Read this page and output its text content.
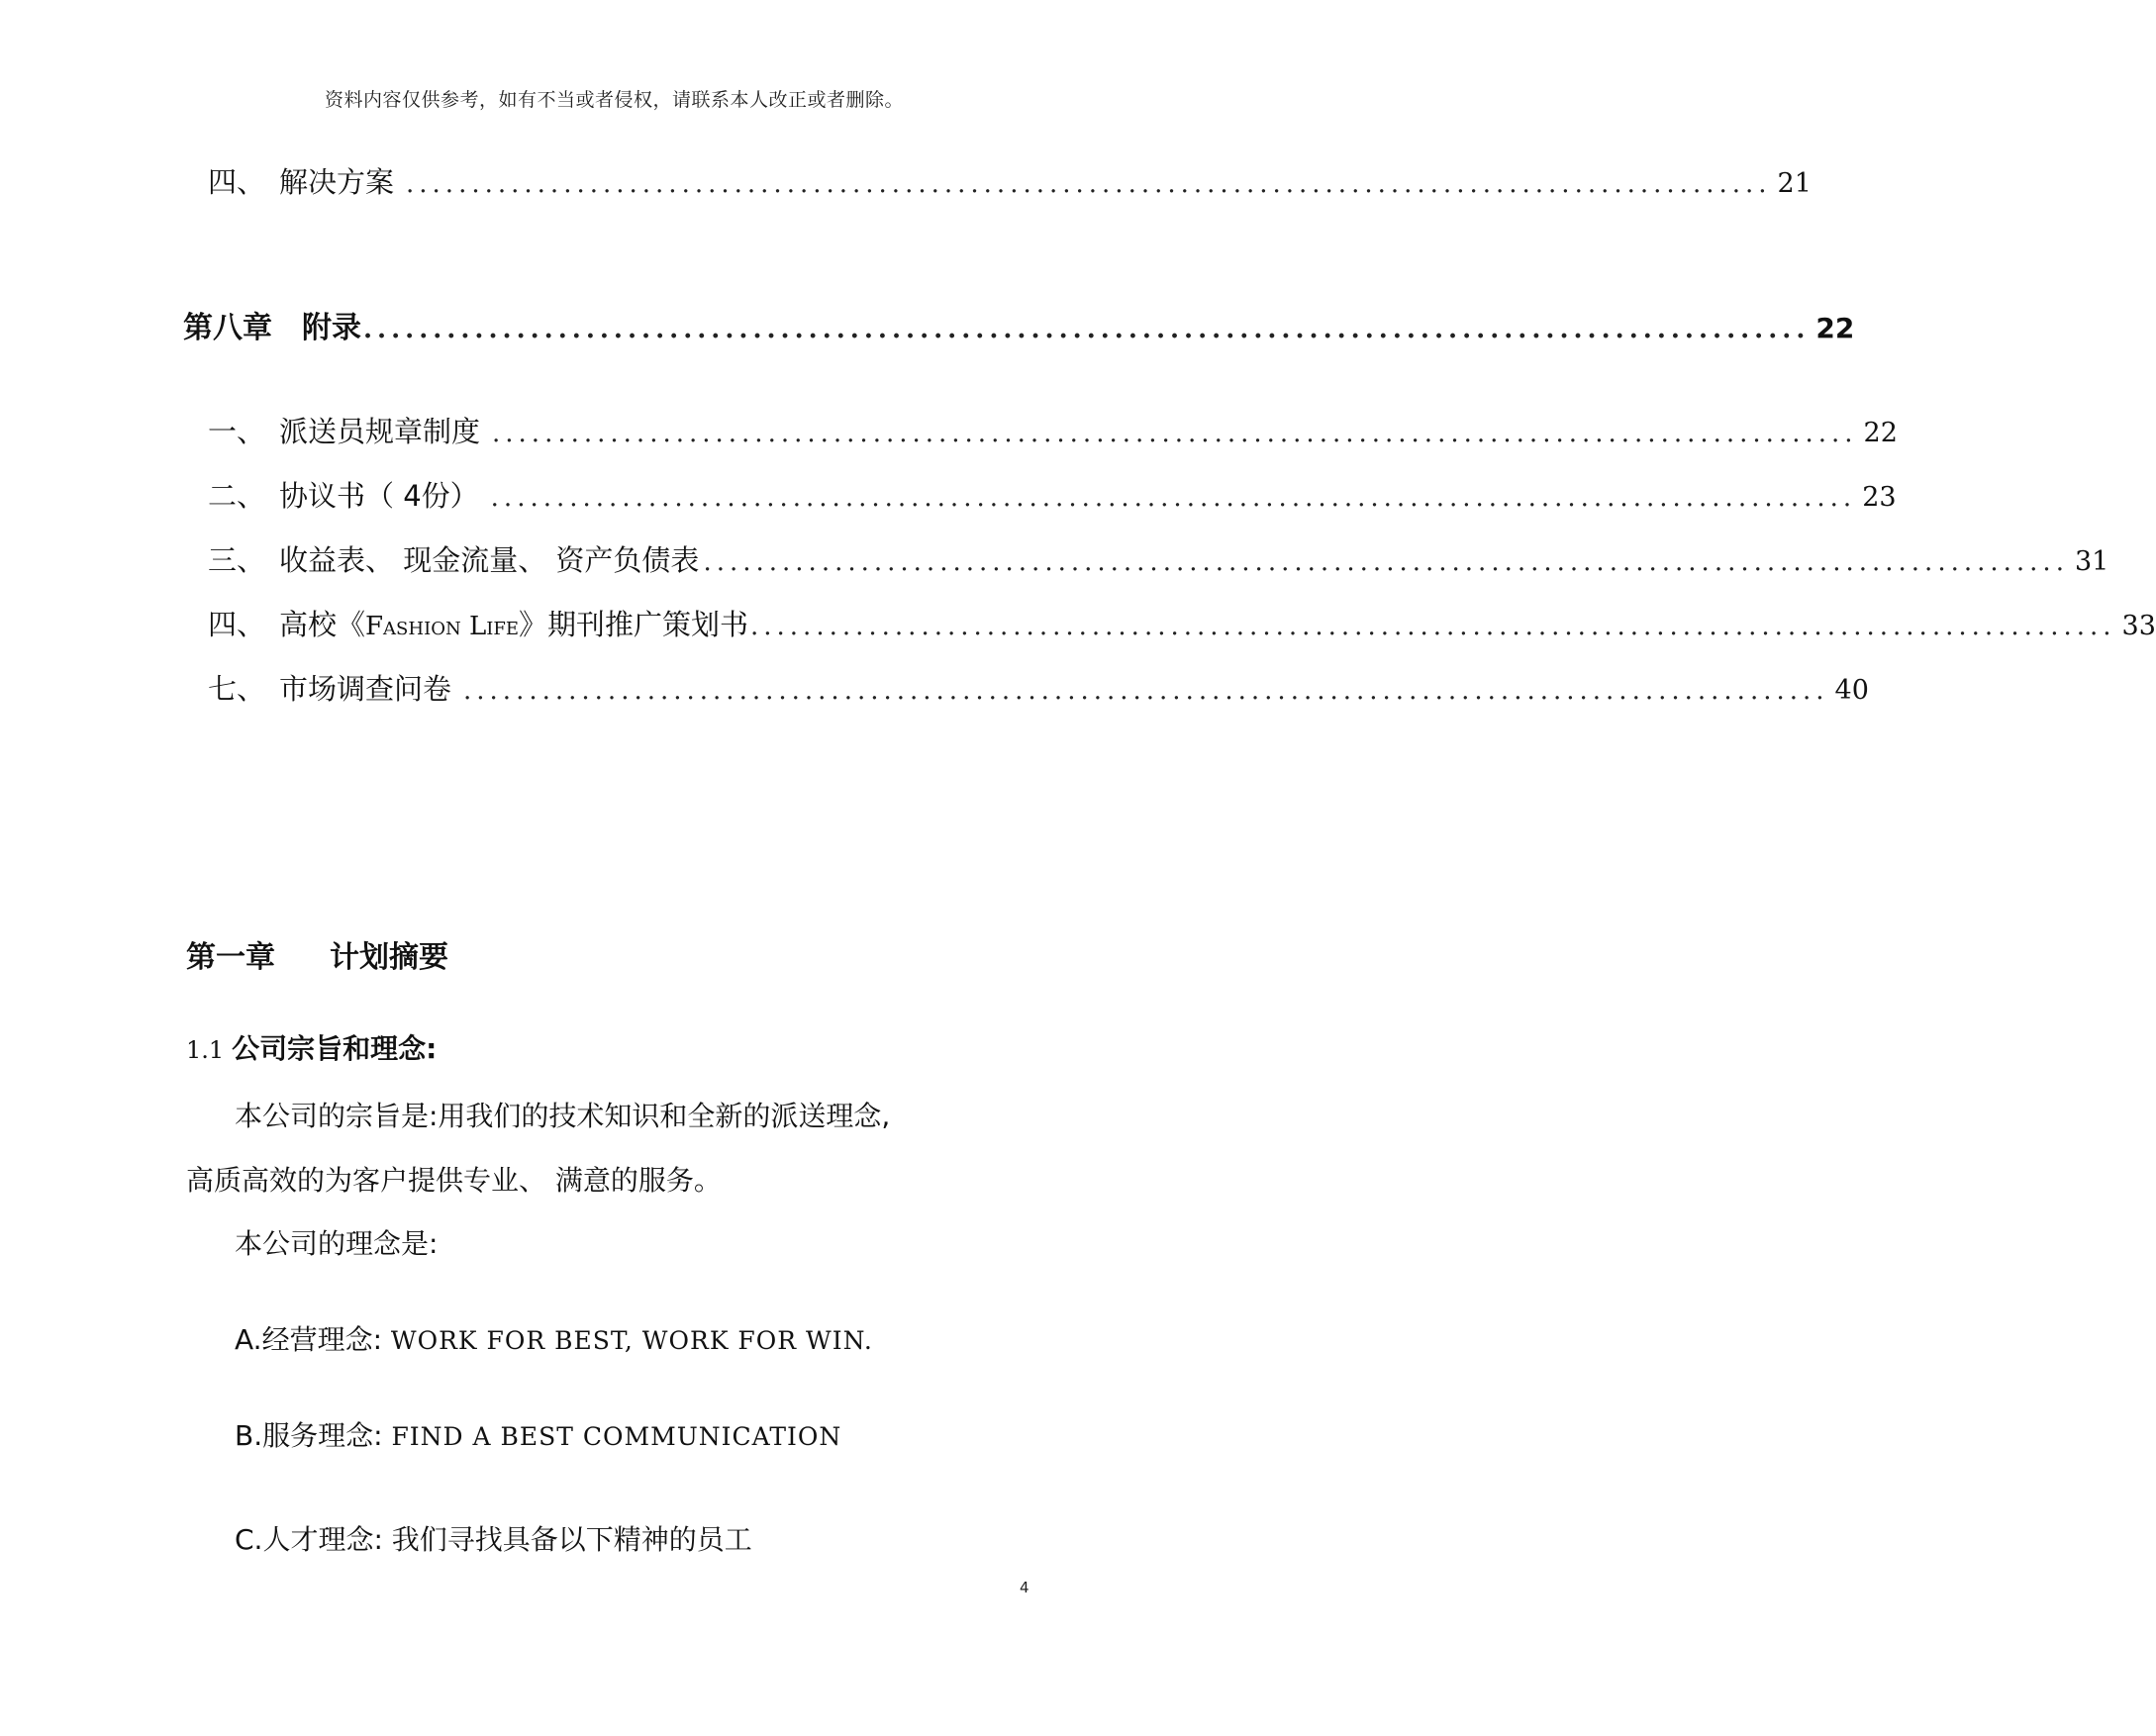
资料内容仅供参考，如有不当或者侵权，请联系本人改正或者删除。
四、 解决方案 ........................................................................................................ 21
第八章　附录 ........................................................................................................ 22
一、 派送员规章制度 ........................................................................................................ 22
二、 协议书（ 4份） ........................................................................................................ 23
三、 收益表、 现金流量、 资产负债表 ........................................................................................................ 31
四、 高校《Fashion Life》期刊推广策划书 ........................................................................................................ 33
七、 市场调查问卷 ........................................................................................................ 40
第一章 计划摘要
1.1 公司宗旨和理念:
本公司的宗旨是:用我们的技术知识和全新的派送理念,
高质高效的为客户提供专业、 满意的服务。
本公司的理念是:
A.经营理念: WORK FOR BEST, WORK FOR WIN.
B.服务理念: FIND A BEST COMMUNICATION
C.人才理念: 我们寻找具备以下精神的员工
4
